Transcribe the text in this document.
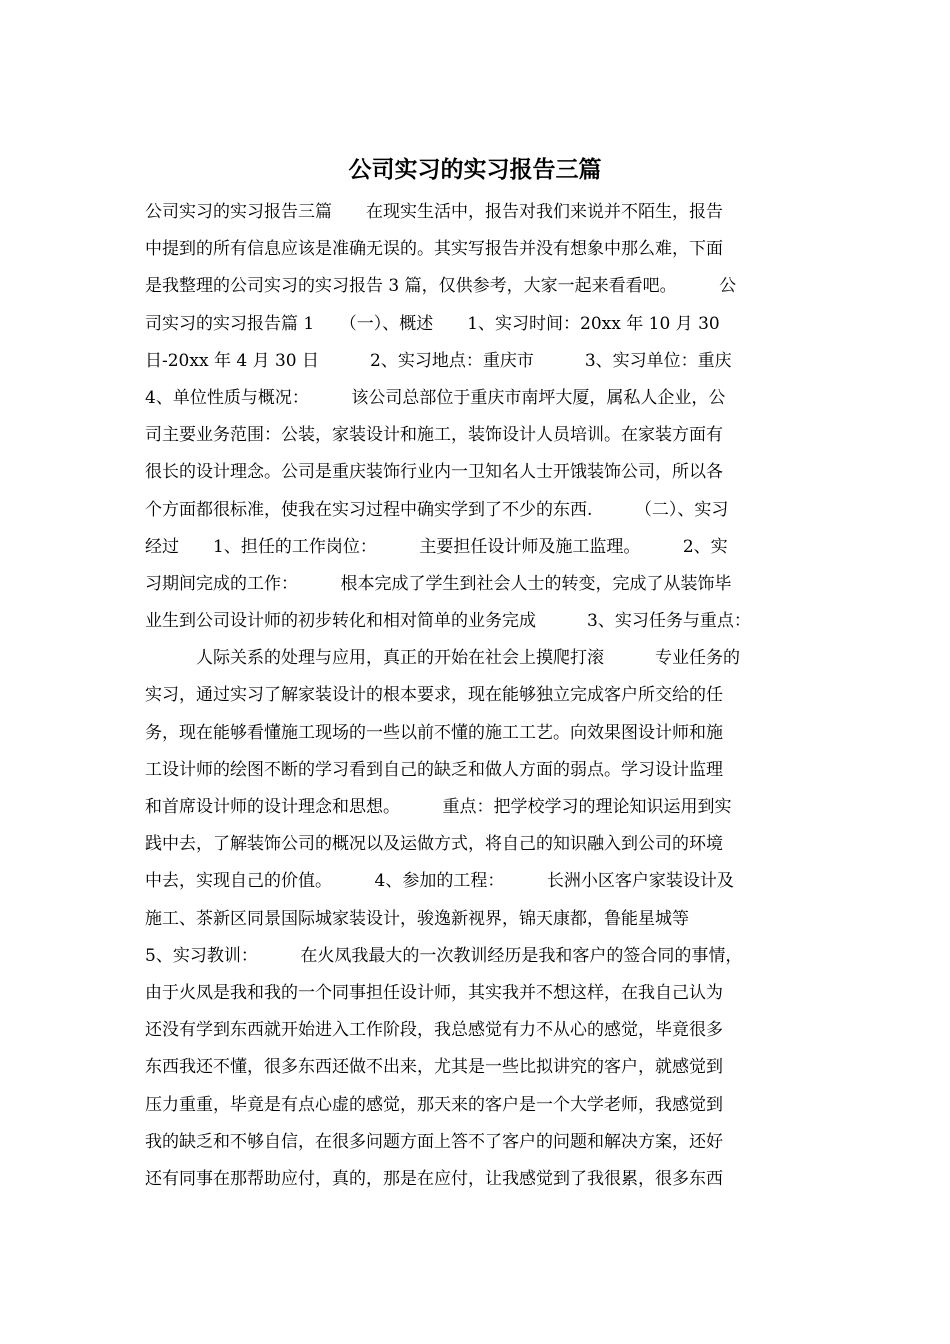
公司实习的实习报告三篇
公司实习的实习报告三篇　　在现实生活中，报告对我们来说并不陌生，报告
中提到的所有信息应该是准确无误的。其实写报告并没有想象中那么难，下面
是我整理的公司实习的实习报告 3 篇，仅供参考，大家一起来看看吧。　　　公
司实习的实习报告篇 1　　（一）、概述　　1、实习时间：20xx 年 10 月 30
日-20xx 年 4 月 30 日　　　2、实习地点：重庆市　　　3、实习单位：重庆
4、单位性质与概况：　　　该公司总部位于重庆市南坪大厦，属私人企业，公
司主要业务范围：公装，家装设计和施工，装饰设计人员培训。在家装方面有
很长的设计理念。公司是重庆装饰行业内一卫知名人士开饿装饰公司，所以各
个方面都很标准，使我在实习过程中确实学到了不少的东西.　　　（二）、实习
经过　　1、担任的工作岗位：　　　主要担任设计师及施工监理。　　　2、实
习期间完成的工作：　　　根本完成了学生到社会人士的转变，完成了从装饰毕
业生到公司设计师的初步转化和相对简单的业务完成　　　3、实习任务与重点：
　　　人际关系的处理与应用，真正的开始在社会上摸爬打滚　　　专业任务的
实习，通过实习了解家装设计的根本要求，现在能够独立完成客户所交给的任
务，现在能够看懂施工现场的一些以前不懂的施工工艺。向效果图设计师和施
工设计师的绘图不断的学习看到自己的缺乏和做人方面的弱点。学习设计监理
和首席设计师的设计理念和思想。　　　重点：把学校学习的理论知识运用到实
践中去，了解装饰公司的概况以及运做方式，将自己的知识融入到公司的环境
中去，实现自己的价值。　　　4、参加的工程：　　　长洲小区客户家装设计及
施工、茶新区同景国际城家装设计，骏逸新视界，锦天康都，鲁能星城等
5、实习教训：　　　在火凤我最大的一次教训经历是我和客户的签合同的事情，
由于火凤是我和我的一个同事担任设计师，其实我并不想这样，在我自己认为
还没有学到东西就开始进入工作阶段，我总感觉有力不从心的感觉，毕竟很多
东西我还不懂，很多东西还做不出来，尤其是一些比拟讲究的客户，就感觉到
压力重重，毕竟是有点心虚的感觉，那天来的客户是一个大学老师，我感觉到
我的缺乏和不够自信，在很多问题方面上答不了客户的问题和解决方案，还好
还有同事在那帮助应付，真的，那是在应付，让我感觉到了我很累，很多东西
